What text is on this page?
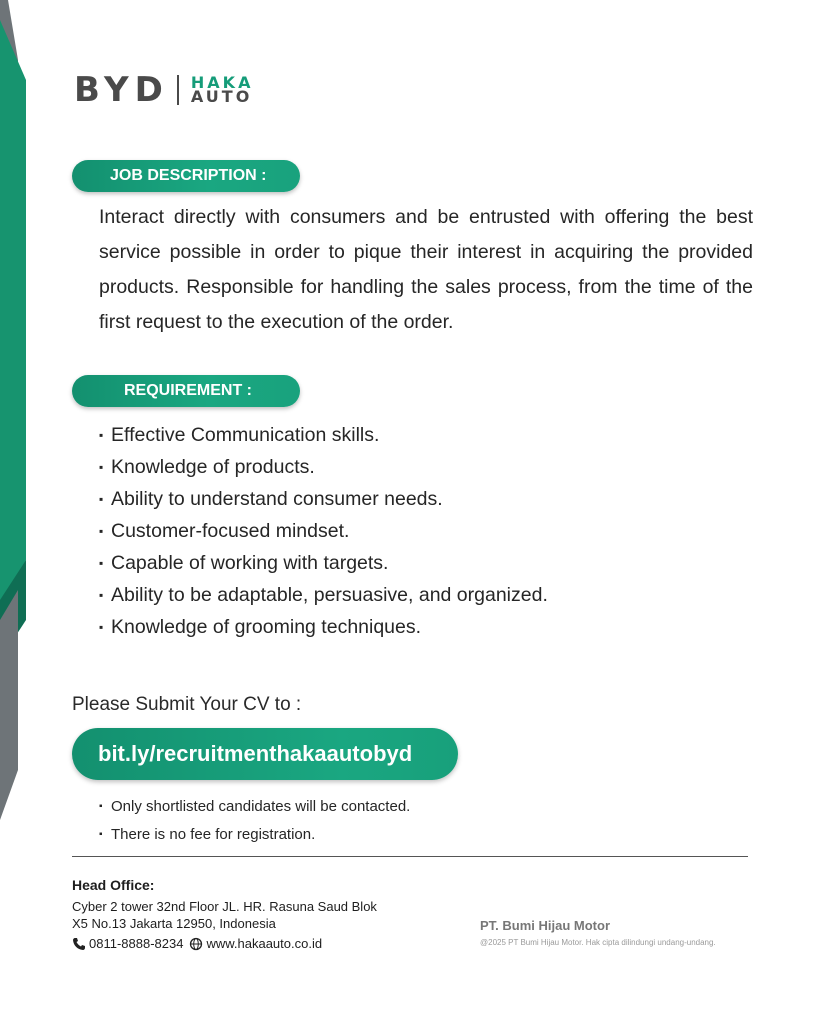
BYD HAKA
AUTO
JOB DESCRIPTION :
Interact directly with consumers and be entrusted with offering the best service possible in order to pique their interest in acquiring the provided products. Responsible for handling the sales process, from the time of the first request to the execution of the order.
REQUIREMENT :
▪ Effective Communication skills.
▪ Knowledge of products.
▪ Ability to understand consumer needs.
▪ Customer-focused mindset.
▪ Capable of working with targets.
▪ Ability to be adaptable, persuasive, and organized.
▪ Knowledge of grooming techniques.
Please Submit Your CV to :
bit.ly/recruitmenthakaautobyd
▪ Only shortlisted candidates will be contacted.
▪ There is no fee for registration.
Head Office:
Cyber 2 tower 32nd Floor JL. HR. Rasuna Saud Blok
X5 No.13 Jakarta 12950, Indonesia
0811-8888-8234 www.hakaauto.co.id
PT. Bumi Hijau Motor
@2025 PT Bumi Hijau Motor. Hak cipta dilindungi undang-undang.
